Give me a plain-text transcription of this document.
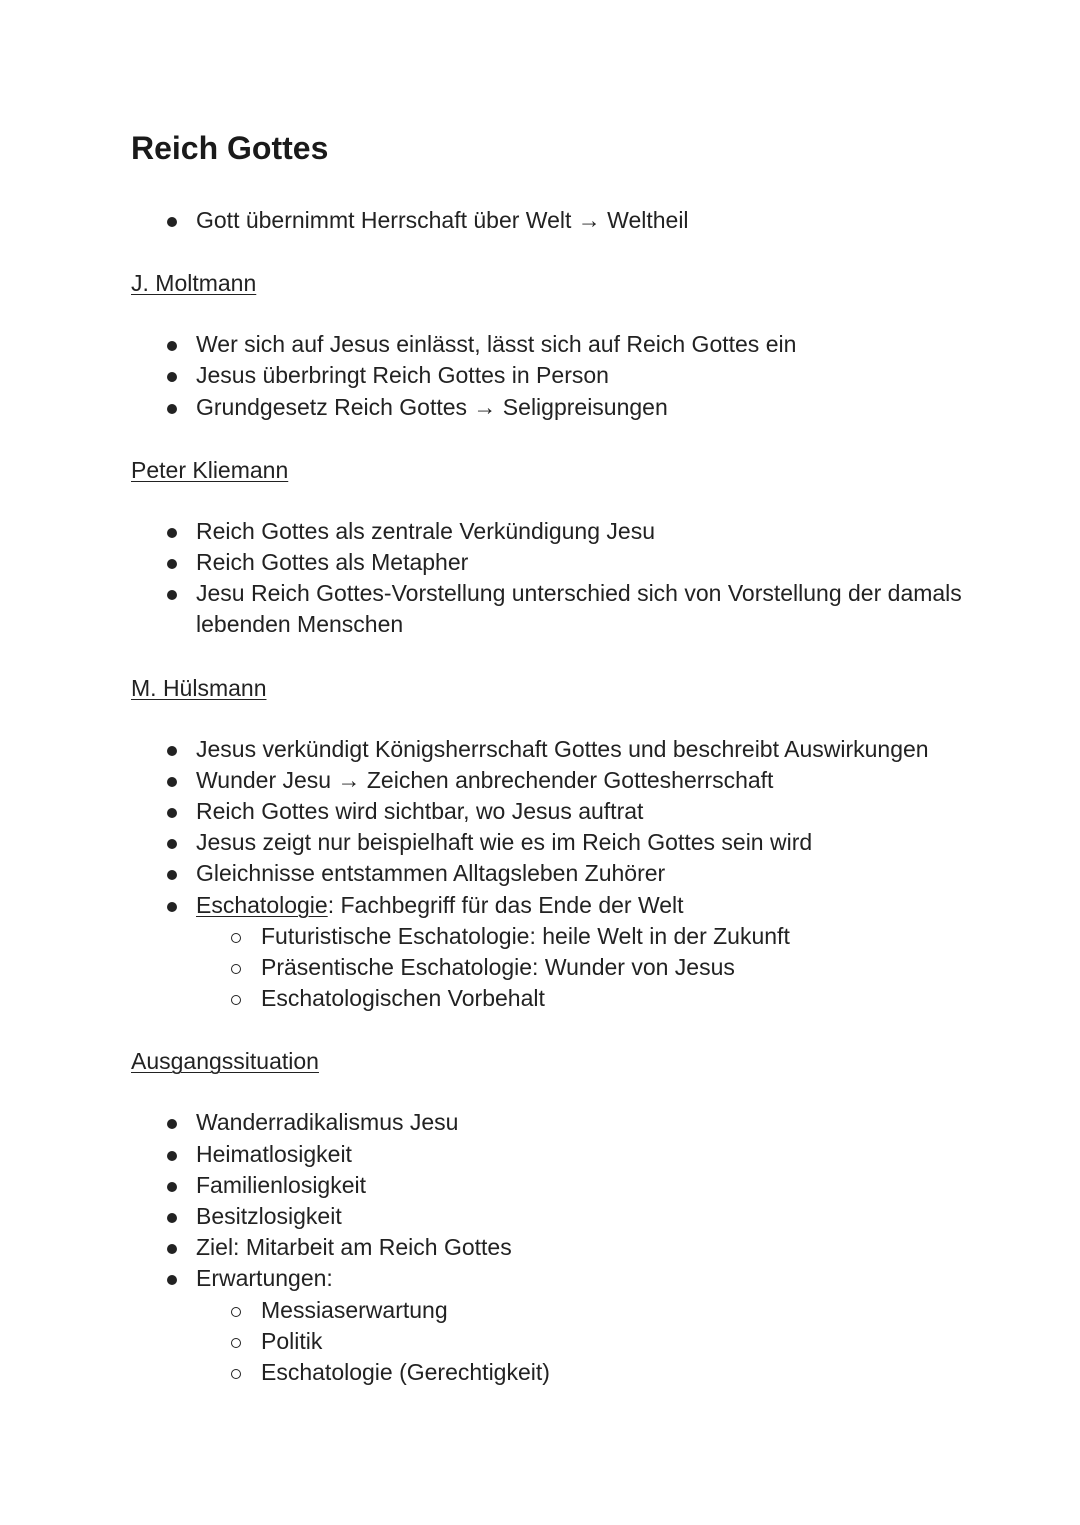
Reich Gottes
Gott übernimmt Herrschaft über Welt → Weltheil
J. Moltmann
Wer sich auf Jesus einlässt, lässt sich auf Reich Gottes ein
Jesus überbringt Reich Gottes in Person
Grundgesetz Reich Gottes → Seligpreisungen
Peter Kliemann
Reich Gottes als zentrale Verkündigung Jesu
Reich Gottes als Metapher
Jesu Reich Gottes-Vorstellung unterschied sich von Vorstellung der damals lebenden Menschen
M. Hülsmann
Jesus verkündigt Königsherrschaft Gottes und beschreibt Auswirkungen
Wunder Jesu → Zeichen anbrechender Gottesherrschaft
Reich Gottes wird sichtbar, wo Jesus auftrat
Jesus zeigt nur beispielhaft wie es im Reich Gottes sein wird
Gleichnisse entstammen Alltagsleben Zuhörer
Eschatologie: Fachbegriff für das Ende der Welt
Futuristische Eschatologie: heile Welt in der Zukunft
Präsentische Eschatologie: Wunder von Jesus
Eschatologischen Vorbehalt
Ausgangssituation
Wanderradikalismus Jesu
Heimatlosigkeit
Familienlosigkeit
Besitzlosigkeit
Ziel: Mitarbeit am Reich Gottes
Erwartungen:
Messiaserwartung
Politik
Eschatologie (Gerechtigkeit)
